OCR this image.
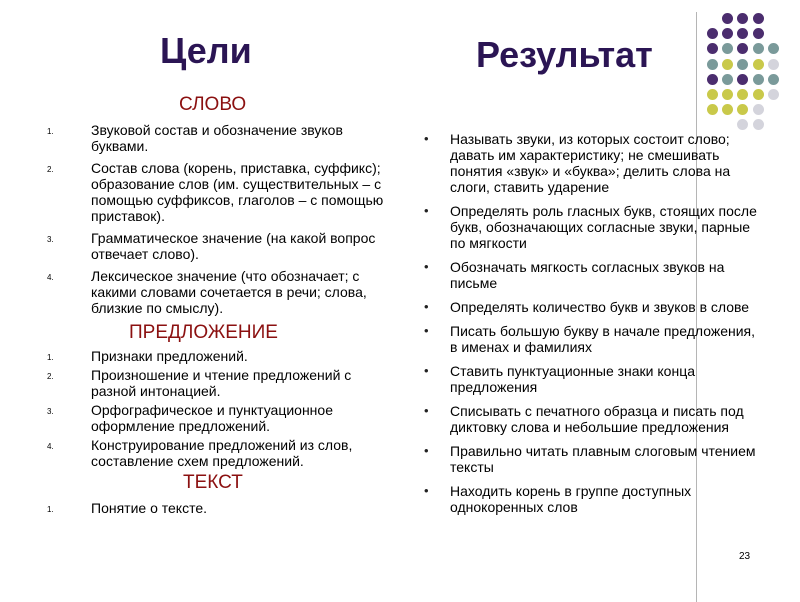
Цели	Результат
СЛОВО
1.	Звуковой состав и обозначение звуков буквами.
2.	Состав слова (корень, приставка, суффикс); образование слов (им. существительных – с помощью суффиксов, глаголов – с помощью приставок).
3.	Грамматическое значение (на какой вопрос отвечает слово).
4.	Лексическое значение (что обозначает; с какими словами сочетается в речи; слова, близкие по смыслу).
ПРЕДЛОЖЕНИЕ
1.	Признаки предложений.
2.	Произношение и чтение предложений с разной интонацией.
3.	Орфографическое и пунктуационное оформление предложений.
4.	Конструирование предложений из слов, составление схем предложений.
ТЕКСТ
1.	Понятие о тексте.
• Называть звуки, из которых состоит слово; давать им характеристику; не смешивать понятия «звук» и «буква»; делить слова на слоги, ставить ударение
• Определять роль гласных букв, стоящих после букв, обозначающих согласные звуки, парные по мягкости
• Обозначать мягкость согласных звуков на письме
• Определять количество букв и звуков в слове
• Писать большую букву в начале предложения, в именах и фамилиях
• Ставить пунктуационные знаки конца предложения
• Списывать с печатного образца и писать под диктовку слова и небольшие предложения
• Правильно читать плавным слоговым чтением тексты
• Находить корень в группе доступных однокоренных слов
23
